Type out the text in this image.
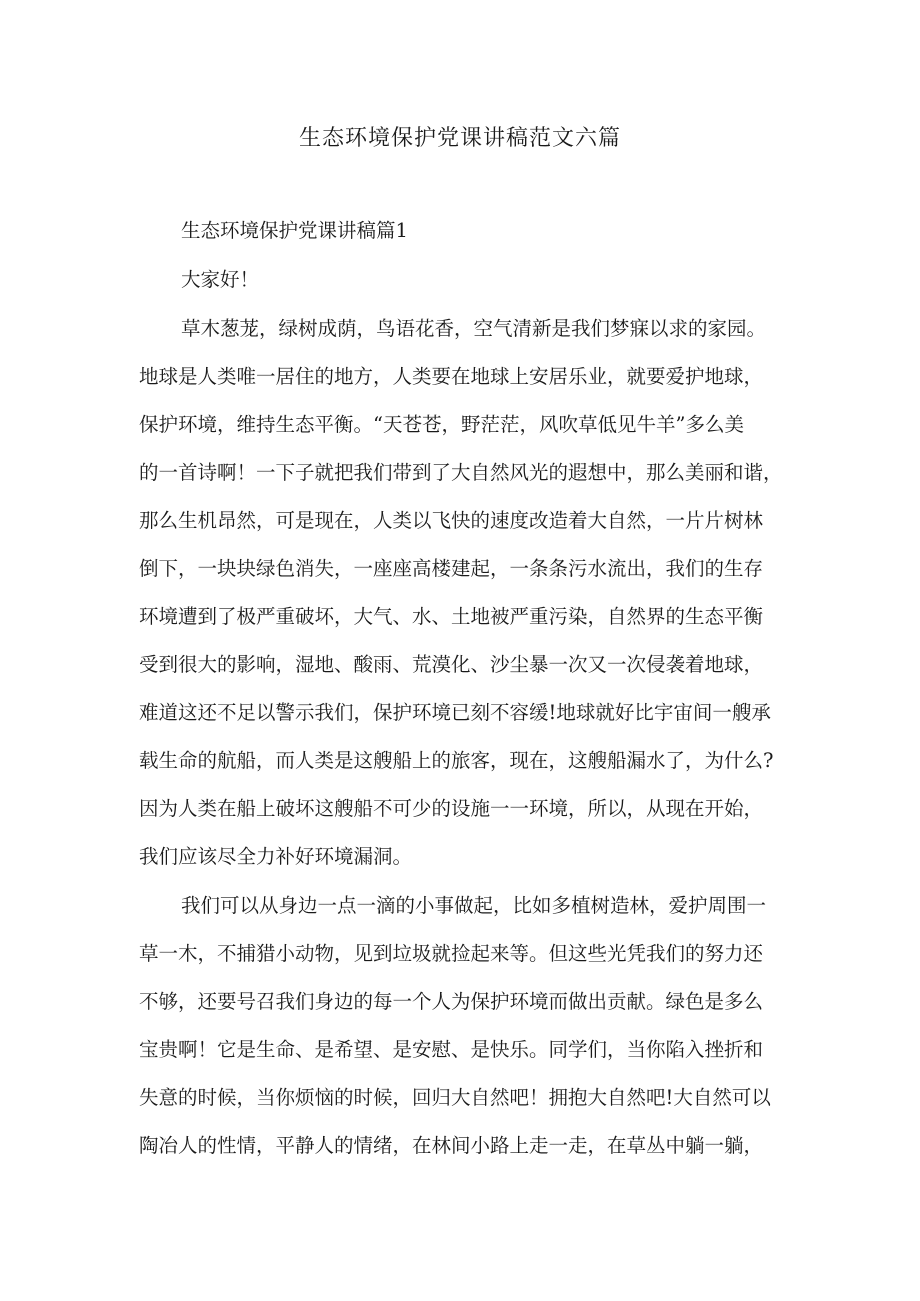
生态环境保护党课讲稿范文六篇
生态环境保护党课讲稿篇1
大家好！
草木葱茏，绿树成荫，鸟语花香，空气清新是我们梦寐以求的家园。
地球是人类唯一居住的地方，人类要在地球上安居乐业，就要爱护地球，
保护环境，维持生态平衡。“天苍苍，野茫茫，风吹草低见牛羊”多么美
的一首诗啊！一下子就把我们带到了大自然风光的遐想中，那么美丽和谐，
那么生机昂然，可是现在，人类以飞快的速度改造着大自然，一片片树林
倒下，一块块绿色消失，一座座高楼建起，一条条污水流出，我们的生存
环境遭到了极严重破坏，大气、水、土地被严重污染，自然界的生态平衡
受到很大的影响，湿地、酸雨、荒漠化、沙尘暴一次又一次侵袭着地球，
难道这还不足以警示我们，保护环境已刻不容缓!地球就好比宇宙间一艘承
载生命的航船，而人类是这艘船上的旅客，现在，这艘船漏水了，为什么?
因为人类在船上破坏这艘船不可少的设施一一环境，所以，从现在开始，
我们应该尽全力补好环境漏洞。
我们可以从身边一点一滴的小事做起，比如多植树造林，爱护周围一
草一木，不捕猎小动物，见到垃圾就捡起来等。但这些光凭我们的努力还
不够，还要号召我们身边的每一个人为保护环境而做出贡献。绿色是多么
宝贵啊！它是生命、是希望、是安慰、是快乐。同学们，当你陷入挫折和
失意的时候，当你烦恼的时候，回归大自然吧！拥抱大自然吧!大自然可以
陶冶人的性情，平静人的情绪，在林间小路上走一走，在草丛中躺一躺，
